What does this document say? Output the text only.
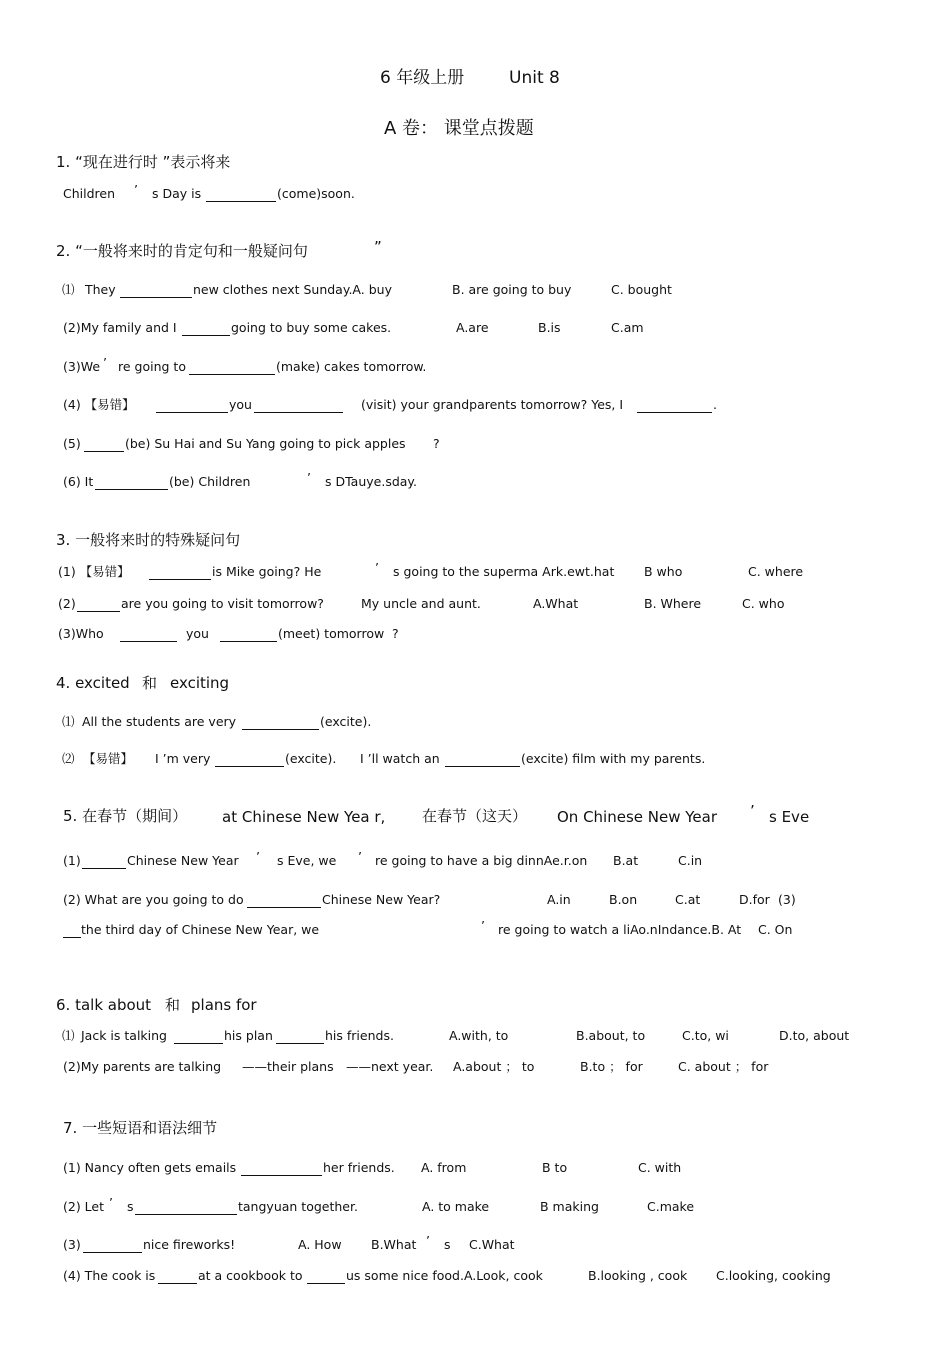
6 年级上册	Unit 8
A 卷： 课堂点拨题
1. “现在进行时 ”表示将来
Children ’ s Day is	(come)soon.
2. “一般将来时的肯定句和一般疑问句	”
⑴ They	new clothes next Sunday.A. buy	B. are going to buy	C. bought
(2)My family and I	going to buy some cakes.	A.are	B.is	C.am
(3)We ’ re going to	(make) cakes tomorrow.
(4) 【易错】	you	(visit) your grandparents tomorrow? Yes, I	.
(5)	(be) Su Hai and Su Yang going to pick apples ?
(6) It	(be) Children	’ s DTauye.sday.
3. 一般将来时的特殊疑问句
(1) 【易错】	is Mike going? He	’ s going to the superma Ark.ewt.hat B who	C. where
(2)	are you going to visit tomorrow?	My uncle and aunt.	A.What	B. Where	C. who
(3)Who	you	(meet) tomorrow ?
4. excited 和 exciting
⑴ All the students are very	(excite).
⑵ 【易错】 I ’m very	(excite). I ’ll watch an	(excite) film with my parents.
5. 在春节（期间） at Chinese New Yea r, 在春节（这天） On Chinese New Year ’ s Eve
(1)	Chinese New Year ’ s Eve, we ’ re going to have a big dinnAe.r.on B.at	C.in
(2) What are you going to do	Chinese New Year?	A.in	B.on	C.at	D.for (3)
the third day of Chinese New Year, we	’ re going to watch a liAo.nIndance.B. At C. On
6. talk about 和 plans for
⑴ Jack is talking	his plan	his friends.	A.with, to	B.about, to	C.to, wi	D.to, about
(2)My parents are talking ——their plans ——next year. A.about ； to	B.to ； for	C. about ； for
7. 一些短语和语法细节
(1) Nancy often gets emails	her friends. A. from	B to	C. with
(2) Let ’ s	tangyuan together.	A. to make	B making	C.make
(3)	nice fireworks!	A. How B.What ’ s C.What
(4) The cook is	at a cookbook to	us some nice food.A.Look, cook	B.looking , cook C.looking, cooking
